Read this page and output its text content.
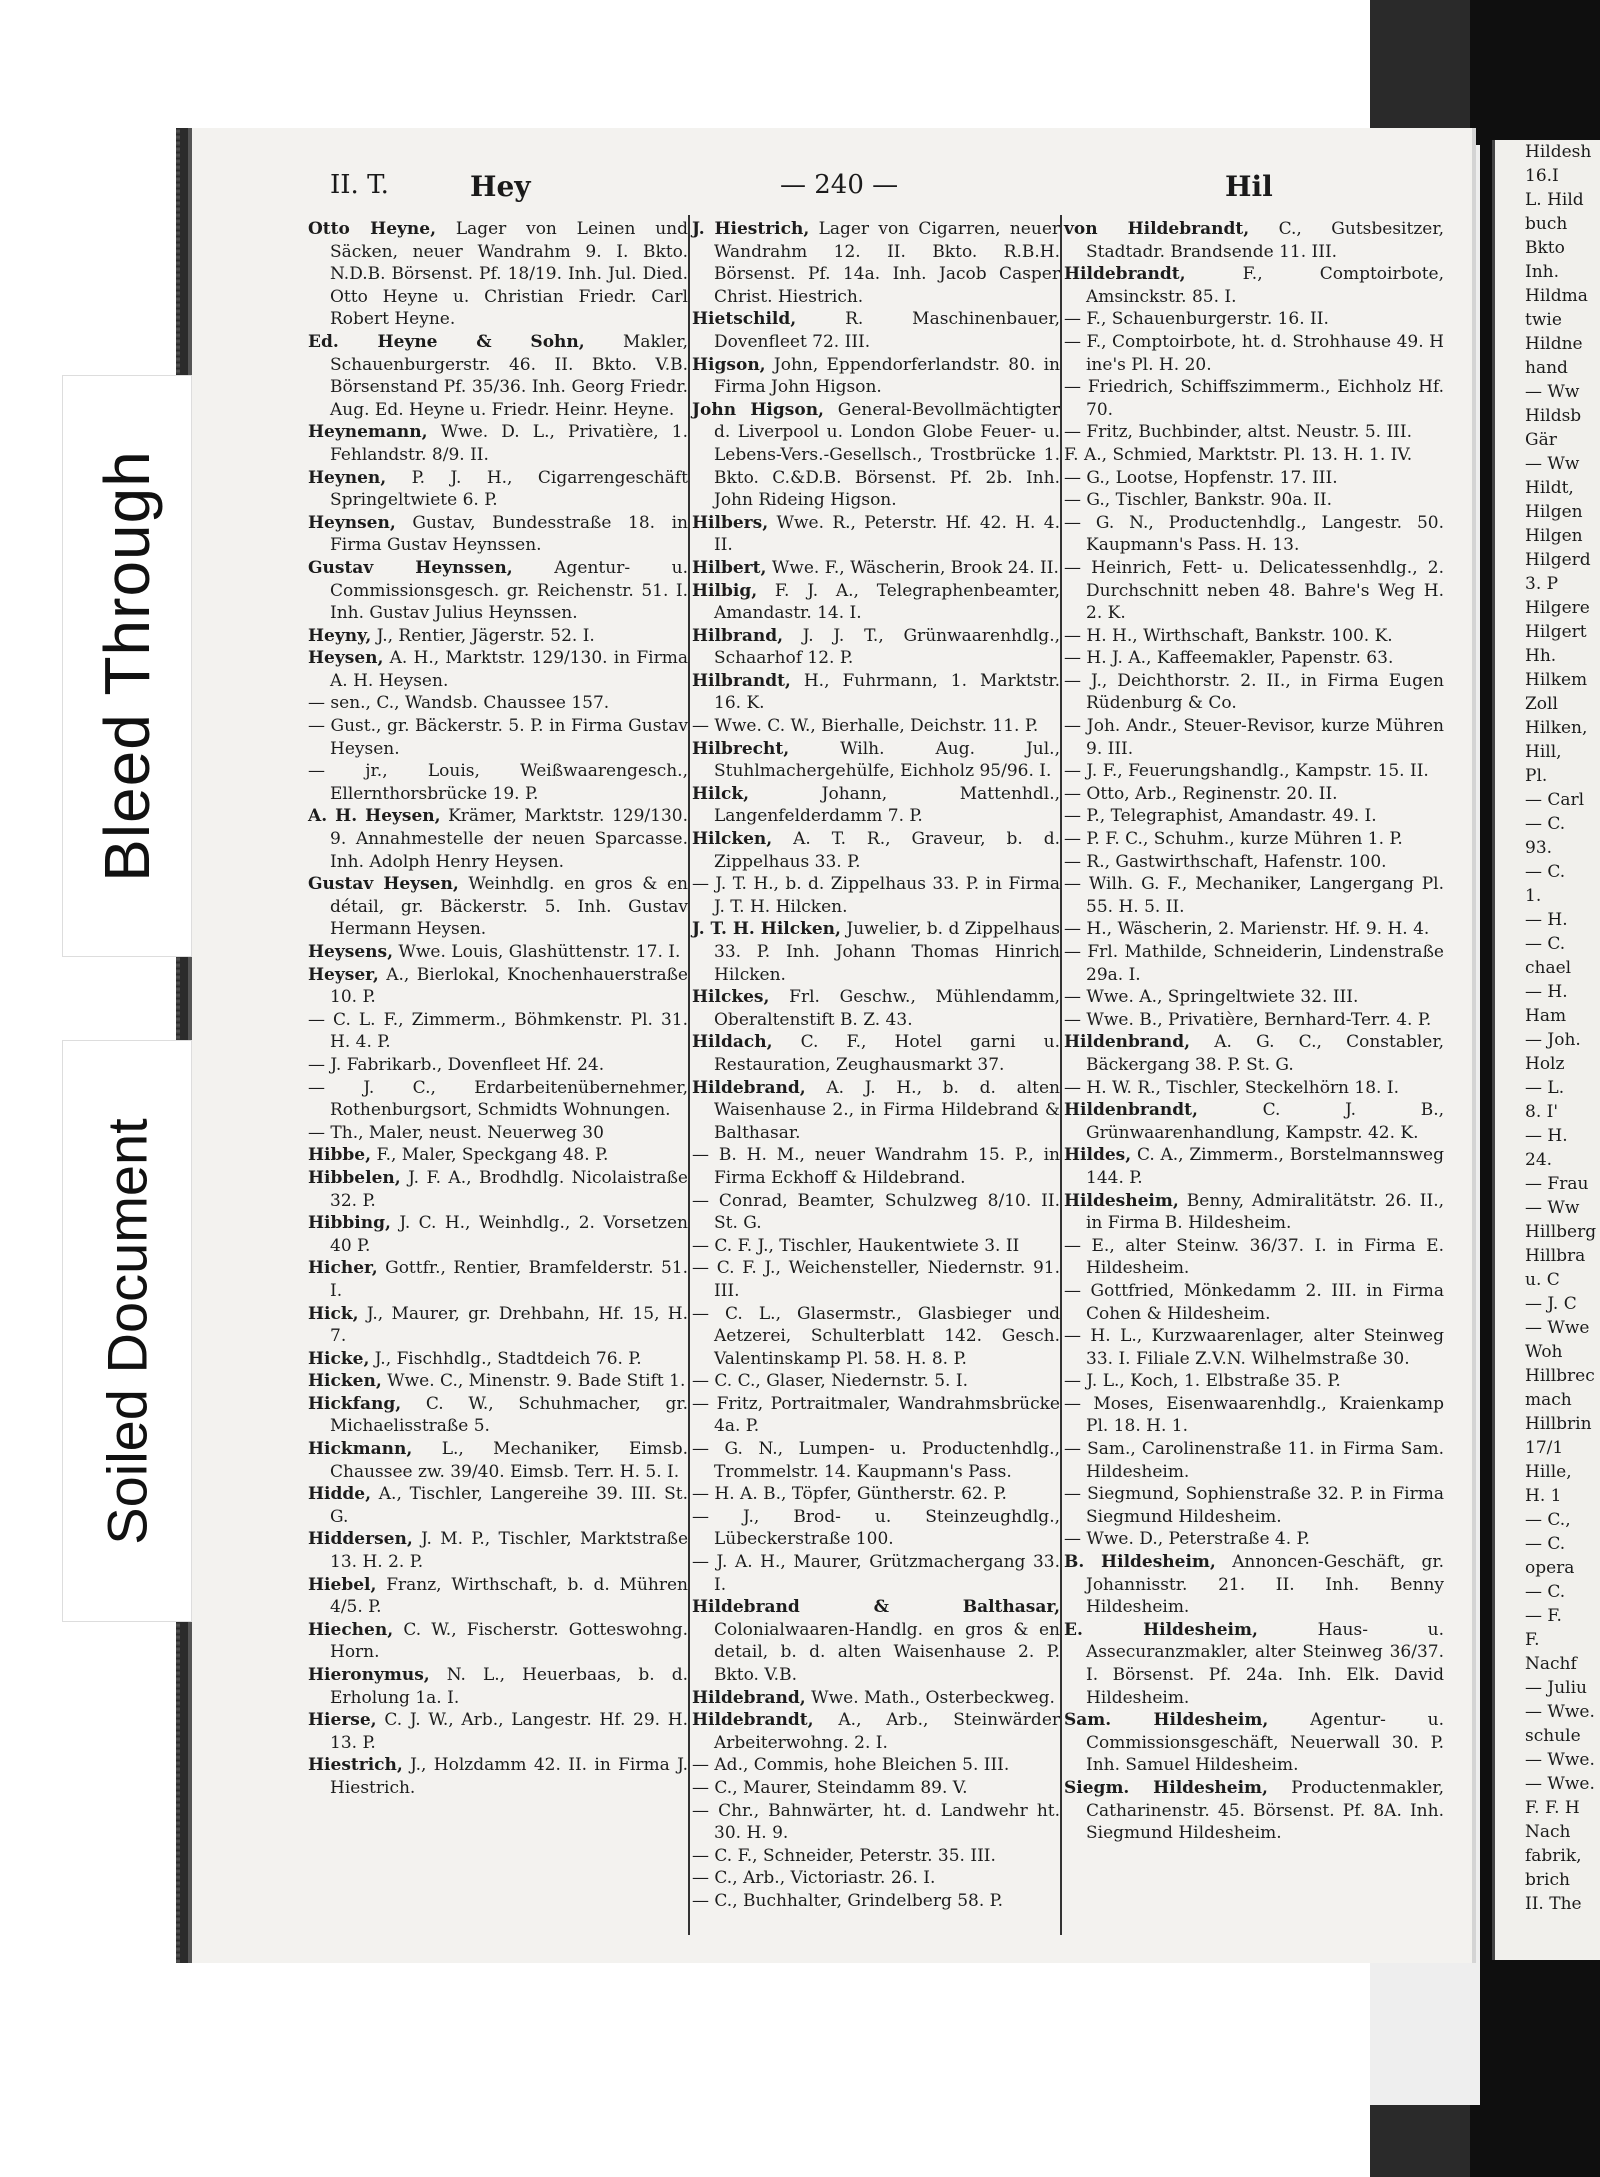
Hildesh
16.I
L. Hild
buch
Bkto
Inh.
Hildma
twie
Hildne
hand
— Ww
Hildsb
Gär
— Ww
Hildt,
Hilgen
Hilgen
Hilgerd
3. P
Hilgere
Hilgert
Hh.
Hilkem
Zoll
Hilken,
Hill,
Pl.
— Carl
— C.
93.
— C.
1.
— H.
— C.
chael
— H.
Ham
— Joh.
Holz
— L.
8. I'
— H.
24.
— Frau
— Ww
Hillberg
Hillbra
u. C
— J. C
— Wwe
Woh
Hillbrec
mach
Hillbrin
17/1
Hille,
H. 1
— C.,
— C.
opera
— C.
— F.
F.
Nachf
— Juliu
— Wwe.
schule
— Wwe.
— Wwe.
F. F. H
Nach
fabrik,
brich
II. The
Bleed Through
Soiled Document
II. T.	Hey	— 240 —	Hil
Otto Heyne, Lager von Leinen und Säcken, neuer Wandrahm 9. I. Bkto. N.D.B. Börsenst. Pf. 18/19. Inh. Jul. Died. Otto Heyne u. Christian Friedr. Carl Robert Heyne.
Ed. Heyne & Sohn, Makler, Schauenburgerstr. 46. II. Bkto. V.B. Börsenstand Pf. 35/36. Inh. Georg Friedr. Aug. Ed. Heyne u. Friedr. Heinr. Heyne.
Heynemann, Wwe. D. L., Privatière, 1. Fehlandstr. 8/9. II.
Heynen, P. J. H., Cigarrengeschäft Springeltwiete 6. P.
Heynsen, Gustav, Bundesstraße 18. in Firma Gustav Heynssen.
Gustav Heynssen, Agentur- u. Commissionsgesch. gr. Reichenstr. 51. I. Inh. Gustav Julius Heynssen.
Heyny, J., Rentier, Jägerstr. 52. I.
Heysen, A. H., Marktstr. 129/130. in Firma A. H. Heysen.
— sen., C., Wandsb. Chaussee 157.
— Gust., gr. Bäckerstr. 5. P. in Firma Gustav Heysen.
— jr., Louis, Weißwaarengesch., Ellernthorsbrücke 19. P.
A. H. Heysen, Krämer, Marktstr. 129/130. 9. Annahmestelle der neuen Sparcasse. Inh. Adolph Henry Heysen.
Gustav Heysen, Weinhdlg. en gros & en détail, gr. Bäckerstr. 5. Inh. Gustav Hermann Heysen.
Heysens, Wwe. Louis, Glashüttenstr. 17. I.
Heyser, A., Bierlokal, Knochenhauerstraße 10. P.
— C. L. F., Zimmerm., Böhmkenstr. Pl. 31. H. 4. P.
— J. Fabrikarb., Dovenfleet Hf. 24.
— J. C., Erdarbeitenübernehmer, Rothenburgsort, Schmidts Wohnungen.
— Th., Maler, neust. Neuerweg 30
Hibbe, F., Maler, Speckgang 48. P.
Hibbelen, J. F. A., Brodhdlg. Nicolaistraße 32. P.
Hibbing, J. C. H., Weinhdlg., 2. Vorsetzen 40 P.
Hicher, Gottfr., Rentier, Bramfelderstr. 51. I.
Hick, J., Maurer, gr. Drehbahn, Hf. 15, H. 7.
Hicke, J., Fischhdlg., Stadtdeich 76. P.
Hicken, Wwe. C., Minenstr. 9. Bade Stift 1.
Hickfang, C. W., Schuhmacher, gr. Michaelisstraße 5.
Hickmann, L., Mechaniker, Eimsb. Chaussee zw. 39/40. Eimsb. Terr. H. 5. I.
Hidde, A., Tischler, Langereihe 39. III. St. G.
Hiddersen, J. M. P., Tischler, Marktstraße 13. H. 2. P.
Hiebel, Franz, Wirthschaft, b. d. Mühren 4/5. P.
Hiechen, C. W., Fischerstr. Gotteswohng. Horn.
Hieronymus, N. L., Heuerbaas, b. d. Erholung 1a. I.
Hierse, C. J. W., Arb., Langestr. Hf. 29. H. 13. P.
Hiestrich, J., Holzdamm 42. II. in Firma J. Hiestrich.
J. Hiestrich, Lager von Cigarren, neuer Wandrahm 12. II. Bkto. R.B.H. Börsenst. Pf. 14a. Inh. Jacob Casper Christ. Hiestrich.
Hietschild,	R. Maschinenbauer, Dovenfleet 72. III.
Higson, John, Eppendorferlandstr. 80. in Firma John Higson.
John Higson, General-Bevollmächtigter d. Liverpool u. London Globe Feuer- u. Lebens-Vers.-Gesellsch., Trostbrücke 1. Bkto. C.&D.B. Börsenst. Pf. 2b. Inh. John Rideing Higson.
Hilbers, Wwe. R., Peterstr. Hf. 42. H. 4. II.
Hilbert, Wwe. F., Wäscherin, Brook 24. II.
Hilbig, F. J. A., Telegraphenbeamter, Amandastr. 14. I.
Hilbrand, J. J. T., Grünwaarenhdlg., Schaarhof 12. P.
Hilbrandt, H., Fuhrmann, 1. Marktstr. 16. K.
— Wwe. C. W., Bierhalle, Deichstr. 11. P.
Hilbrecht,	Wilh. Aug. Jul., Stuhlmachergehülfe, Eichholz 95/96. I.
Hilck,	Johann, Mattenhdl., Langenfelderdamm 7. P.
Hilcken, A. T. R., Graveur, b. d. Zippelhaus 33. P.
— J. T. H., b. d. Zippelhaus 33. P. in Firma J. T. H. Hilcken.
J. T. H. Hilcken, Juwelier, b. d Zippelhaus 33. P. Inh. Johann Thomas Hinrich Hilcken.
Hilckes, Frl. Geschw., Mühlendamm, Oberaltenstift B. Z. 43.
Hildach, C. F., Hotel garni u. Restauration, Zeughausmarkt 37.
Hildebrand, A. J. H., b. d. alten Waisenhause 2., in Firma Hildebrand & Balthasar.
— B. H. M., neuer Wandrahm 15. P., in Firma Eckhoff & Hildebrand.
— Conrad, Beamter, Schulzweg 8/10. II. St. G.
— C. F. J., Tischler, Haukentwiete 3. II
— C. F. J., Weichensteller, Niedernstr. 91. III.
— C. L., Glasermstr., Glasbieger und Aetzerei, Schulterblatt 142. Gesch. Valentinskamp Pl. 58. H. 8. P.
— C. C., Glaser, Niedernstr. 5. I.
— Fritz, Portraitmaler, Wandrahmsbrücke 4a. P.
— G. N., Lumpen- u. Productenhdlg., Trommelstr. 14. Kaupmann's Pass.
— H. A. B., Töpfer, Güntherstr. 62. P.
— J., Brod- u. Steinzeughdlg., Lübeckerstraße 100.
— J. A. H., Maurer, Grützmachergang 33. I.
Hildebrand & Balthasar, Colonialwaaren-Handlg. en gros & en detail, b. d. alten Waisenhause 2. P. Bkto. V.B.
Hildebrand, Wwe. Math., Osterbeckweg.
Hildebrandt, A., Arb., Steinwärder Arbeiterwohng. 2. I.
— Ad., Commis, hohe Bleichen 5. III.
— C., Maurer, Steindamm 89. V.
— Chr., Bahnwärter, ht. d. Landwehr ht. 30. H. 9.
— C. F., Schneider, Peterstr. 35. III.
— C., Arb., Victoriastr. 26. I.
— C., Buchhalter, Grindelberg 58. P.
von Hildebrandt, C., Gutsbesitzer, Stadtadr. Brandsende 11. III.
Hildebrandt,	F., Comptoirbote, Amsinckstr. 85. I.
— F., Schauenburgerstr. 16. II.
— F., Comptoirbote, ht. d. Strohhause 49. H ine's Pl. H. 20.
— Friedrich, Schiffszimmerm., Eichholz Hf. 70.
— Fritz, Buchbinder, altst. Neustr. 5. III.
F. A., Schmied, Marktstr. Pl. 13. H. 1. IV.
— G., Lootse, Hopfenstr. 17. III.
— G., Tischler, Bankstr. 90a. II.
— G. N., Productenhdlg., Langestr. 50. Kaupmann's Pass. H. 13.
— Heinrich, Fett- u. Delicatessenhdlg., 2. Durchschnitt neben 48. Bahre's Weg H. 2. K.
— H. H., Wirthschaft, Bankstr. 100. K.
— H. J. A., Kaffeemakler, Papenstr. 63.
— J., Deichthorstr. 2. II., in Firma Eugen Rüdenburg & Co.
— Joh. Andr., Steuer-Revisor, kurze Mühren 9. III.
— J. F., Feuerungshandlg., Kampstr. 15. II.
— Otto, Arb., Reginenstr. 20. II.
— P., Telegraphist, Amandastr. 49. I.
— P. F. C., Schuhm., kurze Mühren 1. P.
— R., Gastwirthschaft, Hafenstr. 100.
— Wilh. G. F., Mechaniker, Langergang Pl. 55. H. 5. II.
— H., Wäscherin, 2. Marienstr. Hf. 9. H. 4.
— Frl. Mathilde, Schneiderin, Lindenstraße 29a. I.
— Wwe. A., Springeltwiete 32. III.
— Wwe. B., Privatière, Bernhard-Terr. 4. P.
Hildenbrand, A. G. C., Constabler, Bäckergang 38. P. St. G.
— H. W. R., Tischler, Steckelhörn 18. I.
Hildenbrandt,	C. J. B., Grünwaarenhandlung, Kampstr. 42. K.
Hildes, C. A., Zimmerm., Borstelmannsweg 144. P.
Hildesheim, Benny, Admiralitätstr. 26. II., in Firma B. Hildesheim.
— E., alter Steinw. 36/37. I. in Firma E. Hildesheim.
— Gottfried, Mönkedamm 2. III. in Firma Cohen & Hildesheim.
— H. L., Kurzwaarenlager, alter Steinweg 33. I. Filiale Z.V.N. Wilhelmstraße 30.
— J. L., Koch, 1. Elbstraße 35. P.
— Moses, Eisenwaarenhdlg., Kraienkamp Pl. 18. H. 1.
— Sam., Carolinenstraße 11. in Firma Sam. Hildesheim.
— Siegmund, Sophienstraße 32. P. in Firma Siegmund Hildesheim.
— Wwe. D., Peterstraße 4. P.
B. Hildesheim, Annoncen-Geschäft, gr. Johannisstr. 21. II. Inh. Benny Hildesheim.
E. Hildesheim,	Haus- u. Assecuranzmakler, alter Steinweg 36/37. I. Börsenst. Pf. 24a. Inh. Elk. David Hildesheim.
Sam. Hildesheim, Agentur- u. Commissionsgeschäft, Neuerwall 30. P. Inh. Samuel Hildesheim.
Siegm. Hildesheim, Productenmakler, Catharinenstr. 45. Börsenst. Pf. 8A. Inh. Siegmund Hildesheim.
